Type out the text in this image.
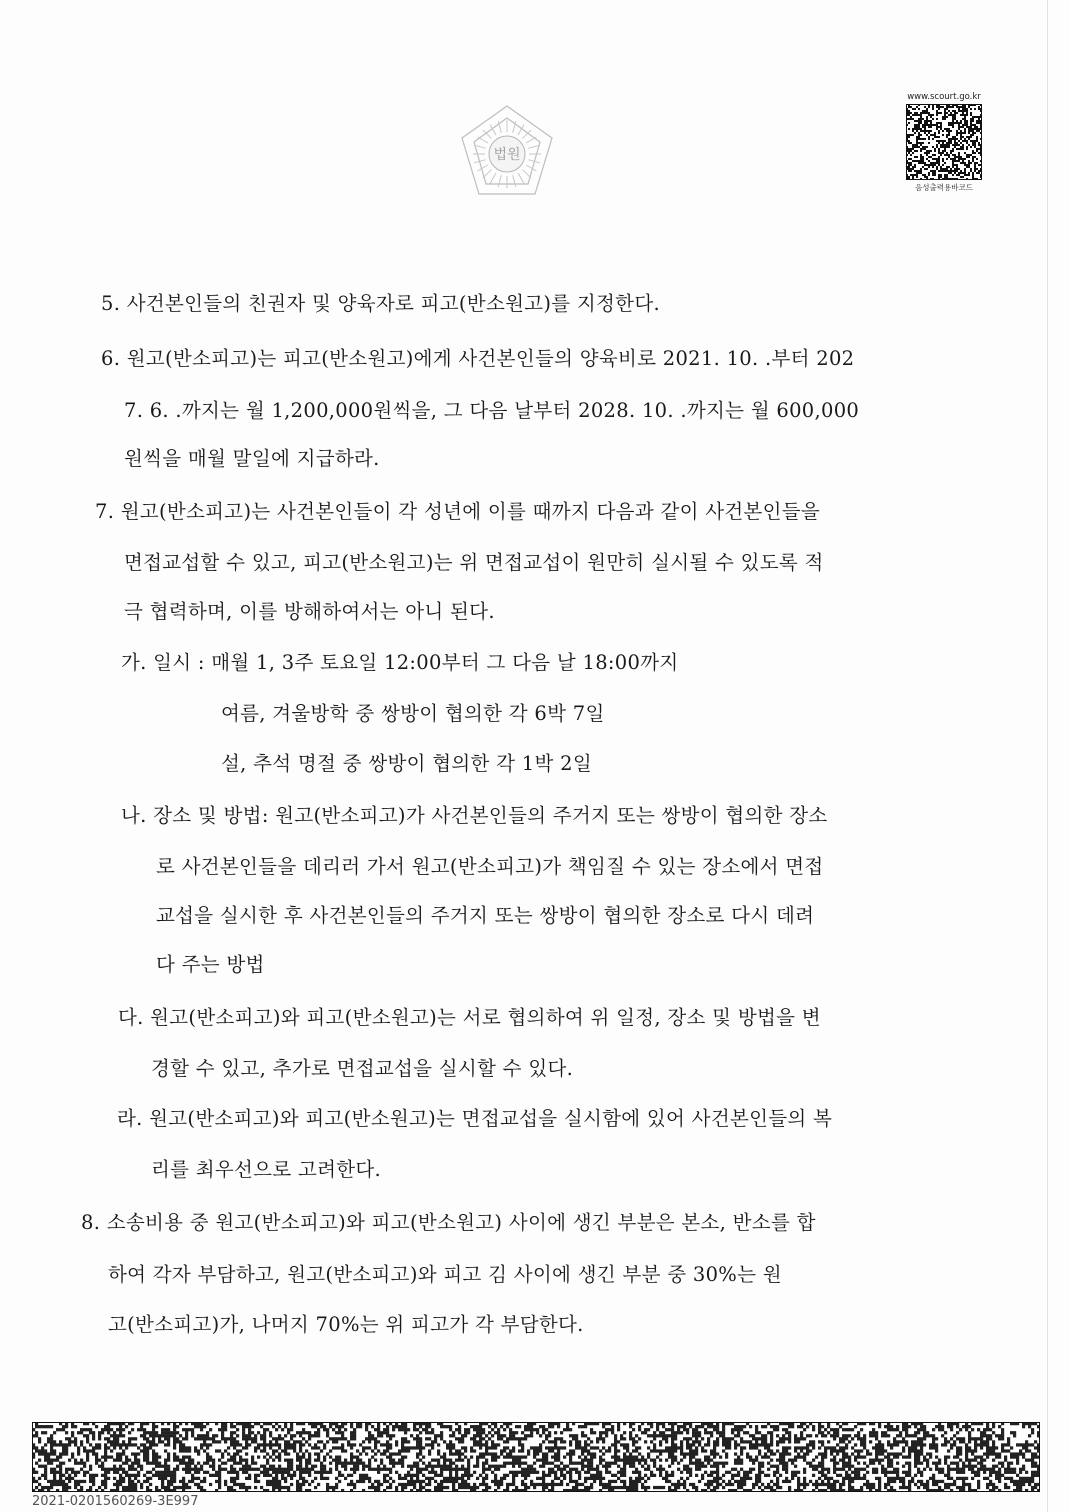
법원
www.scourt.go.kr
음성출력용바코드
5. 사건본인들의 친권자 및 양육자로 피고(반소원고)를 지정한다.
6. 원고(반소피고)는 피고(반소원고)에게 사건본인들의 양육비로 2021. 10. .부터 202
7. 6. .까지는 월 1,200,000원씩을, 그 다음 날부터 2028. 10. .까지는 월 600,000
원씩을 매월 말일에 지급하라.
7. 원고(반소피고)는 사건본인들이 각 성년에 이를 때까지 다음과 같이 사건본인들을
면접교섭할 수 있고, 피고(반소원고)는 위 면접교섭이 원만히 실시될 수 있도록 적
극 협력하며, 이를 방해하여서는 아니 된다.
가. 일시 : 매월 1, 3주 토요일 12:00부터 그 다음 날 18:00까지
여름, 겨울방학 중 쌍방이 협의한 각 6박 7일
설, 추석 명절 중 쌍방이 협의한 각 1박 2일
나. 장소 및 방법: 원고(반소피고)가 사건본인들의 주거지 또는 쌍방이 협의한 장소
로 사건본인들을 데리러 가서 원고(반소피고)가 책임질 수 있는 장소에서 면접
교섭을 실시한 후 사건본인들의 주거지 또는 쌍방이 협의한 장소로 다시 데려
다 주는 방법
다. 원고(반소피고)와 피고(반소원고)는 서로 협의하여 위 일정, 장소 및 방법을 변
경할 수 있고, 추가로 면접교섭을 실시할 수 있다.
라. 원고(반소피고)와 피고(반소원고)는 면접교섭을 실시함에 있어 사건본인들의 복
리를 최우선으로 고려한다.
8. 소송비용 중 원고(반소피고)와 피고(반소원고) 사이에 생긴 부분은 본소, 반소를 합
하여 각자 부담하고, 원고(반소피고)와 피고 김 사이에 생긴 부분 중 30%는 원
고(반소피고)가, 나머지 70%는 위 피고가 각 부담한다.
2021-0201560269-3E997
